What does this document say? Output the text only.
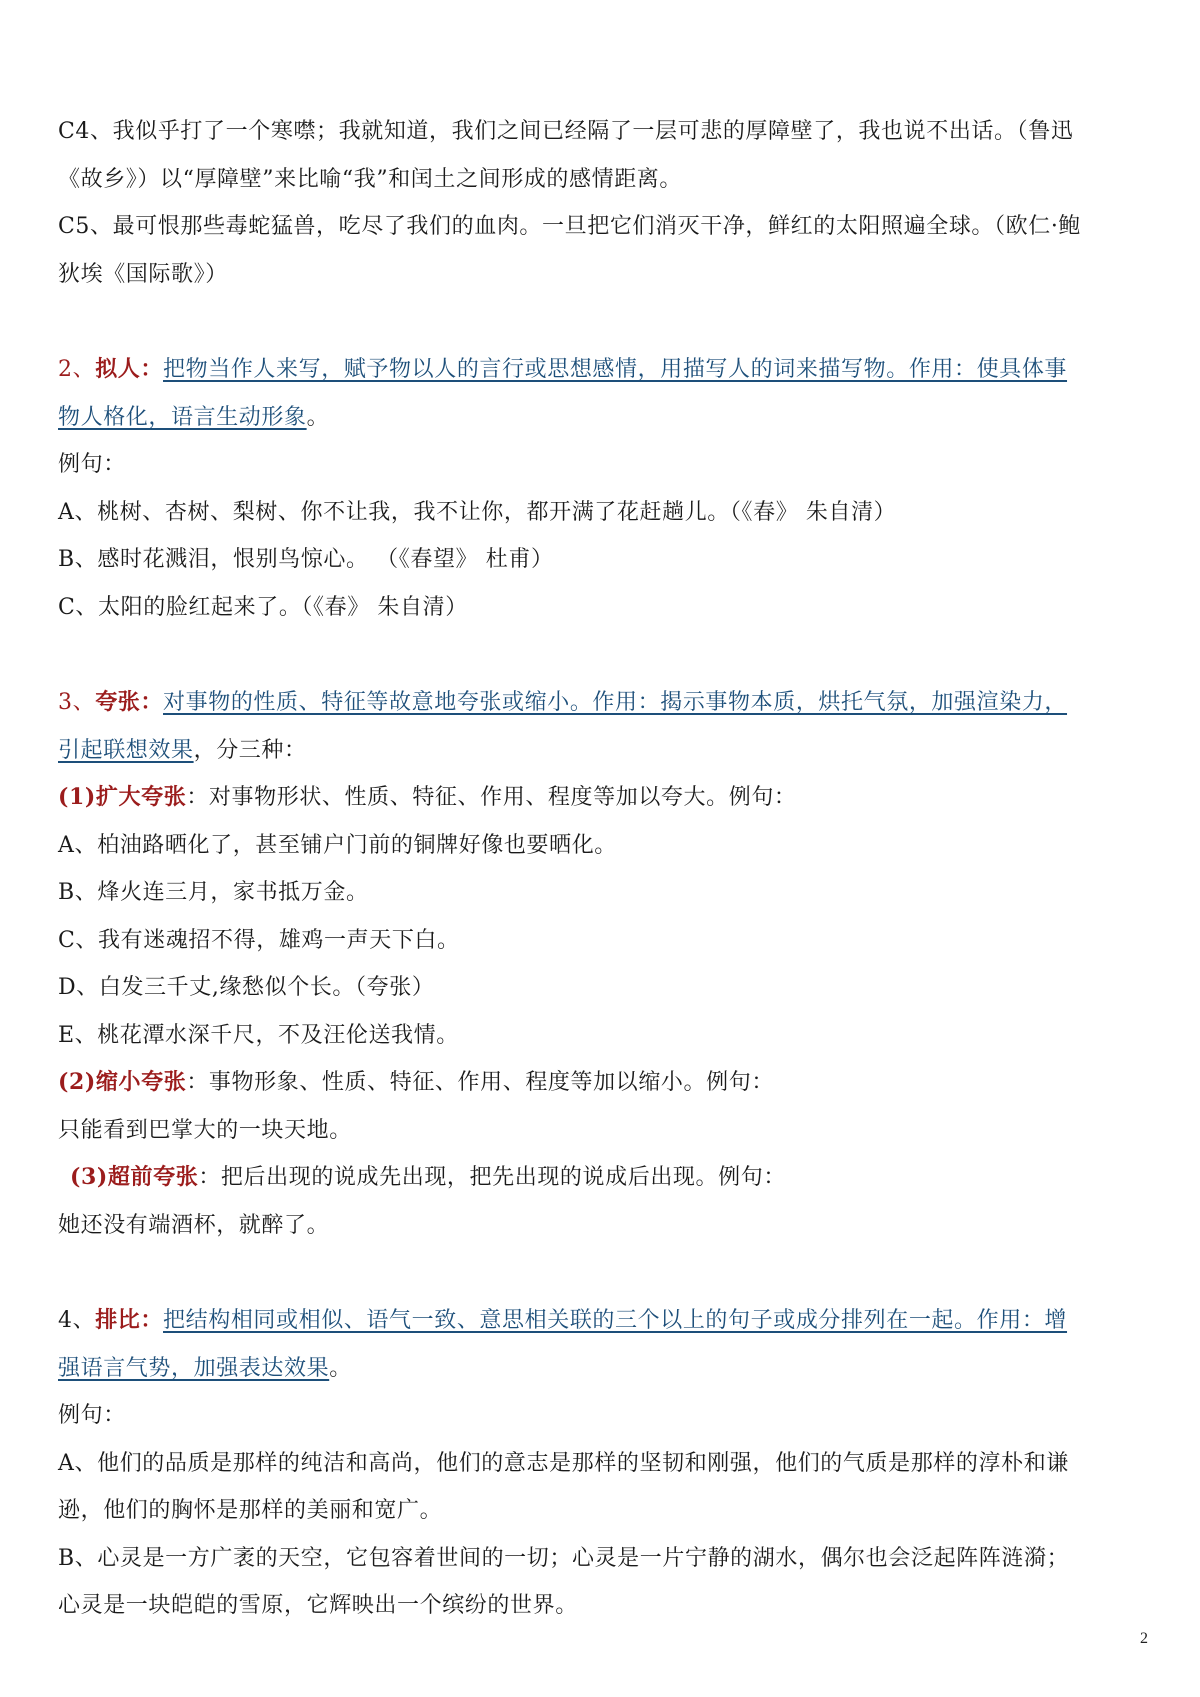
C4、我似乎打了一个寒噤；我就知道，我们之间已经隔了一层可悲的厚障壁了，我也说不出话。（鲁迅
《故乡》）以“厚障壁”来比喻“我”和闰土之间形成的感情距离。
C5、最可恨那些毒蛇猛兽，吃尽了我们的血肉。一旦把它们消灭干净，鲜红的太阳照遍全球。（欧仁·鲍
狄埃《国际歌》）
2、拟人：把物当作人来写，赋予物以人的言行或思想感情，用描写人的词来描写物。作用：使具体事
物人格化，语言生动形象。
例句：
A、桃树、杏树、梨树、你不让我，我不让你，都开满了花赶趟儿。（《春》 朱自清）
B、感时花溅泪，恨别鸟惊心。 （《春望》 杜甫）
C、太阳的脸红起来了。（《春》 朱自清）
3、夸张：对事物的性质、特征等故意地夸张或缩小。作用：揭示事物本质，烘托气氛，加强渲染力，
引起联想效果，分三种：
(1)扩大夸张：对事物形状、性质、特征、作用、程度等加以夸大。例句：
A、柏油路晒化了，甚至铺户门前的铜牌好像也要晒化。
B、烽火连三月，家书抵万金。
C、我有迷魂招不得，雄鸡一声天下白。
D、白发三千丈,缘愁似个长。（夸张）
E、桃花潭水深千尺，不及汪伦送我情。
(2)缩小夸张：事物形象、性质、特征、作用、程度等加以缩小。例句：
只能看到巴掌大的一块天地。
(3)超前夸张：把后出现的说成先出现，把先出现的说成后出现。例句：
她还没有端酒杯，就醉了。
4、排比：把结构相同或相似、语气一致、意思相关联的三个以上的句子或成分排列在一起。作用：增
强语言气势，加强表达效果。
例句：
A、他们的品质是那样的纯洁和高尚，他们的意志是那样的坚韧和刚强，他们的气质是那样的淳朴和谦
逊，他们的胸怀是那样的美丽和宽广。
B、心灵是一方广袤的天空，它包容着世间的一切；心灵是一片宁静的湖水，偶尔也会泛起阵阵涟漪；
心灵是一块皑皑的雪原，它辉映出一个缤纷的世界。
2
